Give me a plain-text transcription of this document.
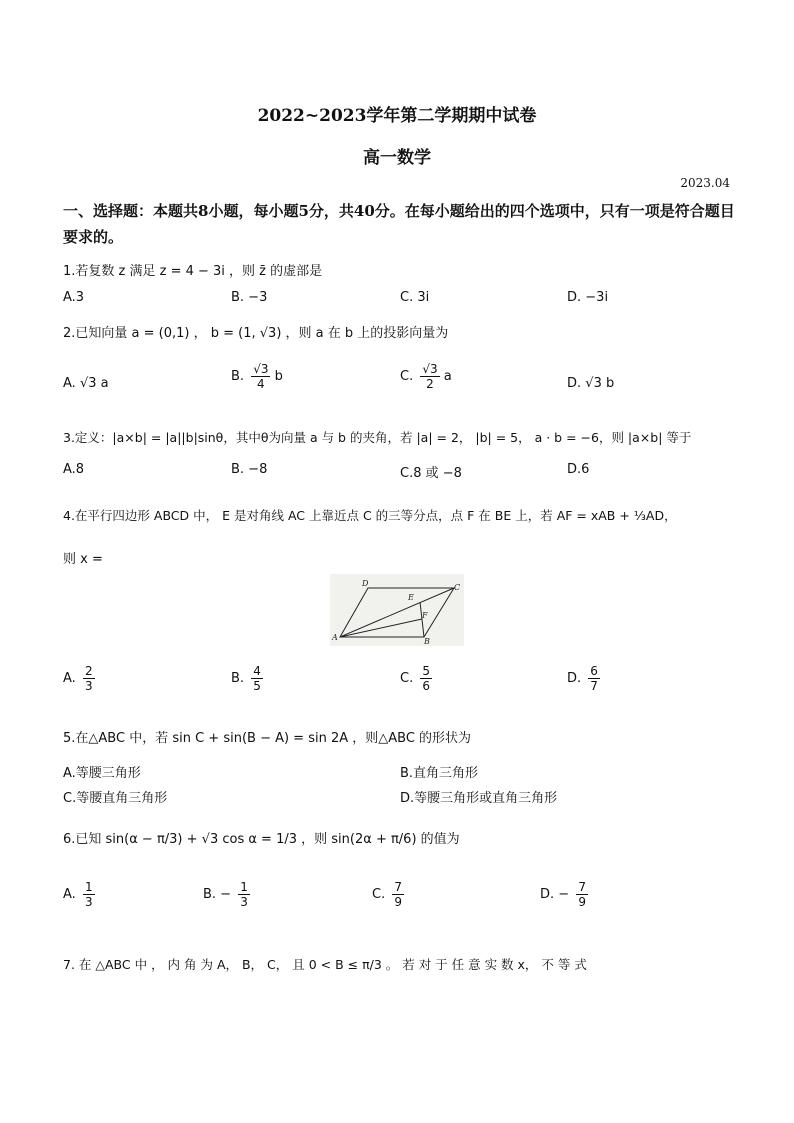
2022~2023学年第二学期期中试卷
高一数学
2023.04
一、选择题：本题共8小题，每小题5分，共40分。在每小题给出的四个选项中，只有一项是符合题目要求的。
1.若复数 z 满足 z = 4 − 3i ，则 z̄ 的虚部是
A.3	B. −3	C. 3i	D. −3i
2.已知向量 a = (0,1) ， b = (1, √3) ，则 a 在 b 上的投影向量为
A. √3 a	B. $\frac{√3}{4}$ b	C. $\frac{√3}{2}$ a	D. √3 b
3.定义：|a×b| = |a||b|sinθ，其中θ为向量 a 与 b 的夹角，若 |a| = 2， |b| = 5， a · b = −6，则 |a×b| 等于
A.8	B. −8	C.8 或 −8	D.6
4.在平行四边形 ABCD 中， E 是对角线 AC 上靠近点 C 的三等分点，点 F 在 BE 上，若 AF = xAB + ⅓AD，
则 x =
D	C
E
F
A	B
A. $\frac{2}{3}$	B. $\frac{4}{5}$	C. $\frac{5}{6}$	D. $\frac{6}{7}$
5.在△ABC 中，若 sin C + sin(B − A) = sin 2A ，则△ABC 的形状为
A.等腰三角形	B.直角三角形
C.等腰直角三角形	D.等腰三角形或直角三角形
6.已知 sin(α − π/3) + √3 cos α = 1/3 ，则 sin(2α + π/6) 的值为
A. $\frac{1}{3}$	B. − $\frac{1}{3}$	C. $\frac{7}{9}$	D. − $\frac{7}{9}$
7. 在 △ABC 中 ， 内 角 为 A， B， C， 且 0 < B ≤ π/3 。 若 对 于 任 意 实 数 x， 不 等 式
